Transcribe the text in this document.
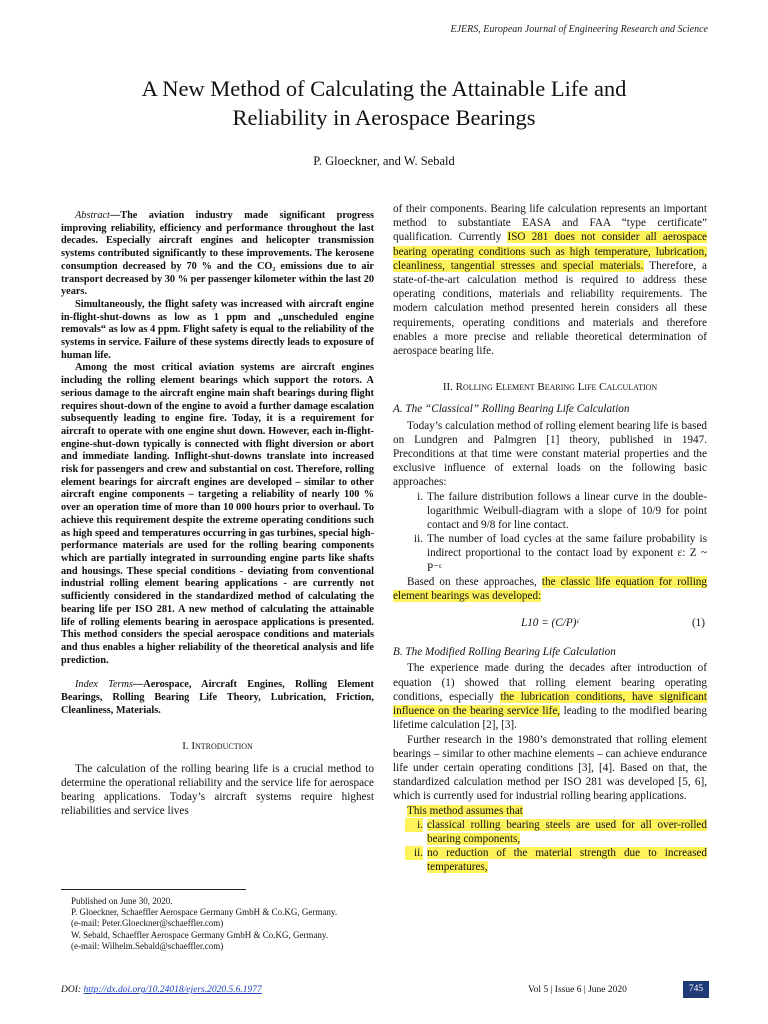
EJERS, European Journal of Engineering Research and Science
A New Method of Calculating the Attainable Life and
Reliability in Aerospace Bearings
P. Gloeckner, and W. Sebald

Abstract—The aviation industry made significant progress improving reliability, efficiency and performance throughout the last decades. Especially aircraft engines and helicopter transmission systems contributed significantly to these improvements. The kerosene consumption decreased by 70 % and the CO₂ emissions due to air transport decreased by 30 % per passenger kilometer within the last 20 years.

Simultaneously, the flight safety was increased with aircraft engine in-flight-shut-downs as low as 1 ppm and „unscheduled engine removals“ as low as 4 ppm. Flight safety is equal to the reliability of the systems in service. Failure of these systems directly leads to exposure of human life.

Among the most critical aviation systems are aircraft engines including the rolling element bearings which support the rotors. A serious damage to the aircraft engine main shaft bearings during flight requires shout-down of the engine to avoid a further damage escalation subsequently leading to engine fire. Today, it is a requirement for aircraft to operate with one engine shut down. However, each in-flight-engine-shut-down typically is connected with flight diversion or abort and immediate landing. Inflight-shut-downs translate into increased risk for passengers and crew and substantial on cost. Therefore, rolling element bearings for aircraft engines are developed – similar to other aircraft engine components – targeting a reliability of nearly 100 % over an operation time of more than 10 000 hours prior to overhaul. To achieve this requirement despite the extreme operating conditions such as high speed and temperatures occurring in gas turbines, special high-performance materials are used for the rolling bearing components which are partially integrated in surrounding engine parts like shafts and housings. These special conditions - deviating from conventional industrial rolling element bearing applications - are currently not sufficiently considered in the standardized method of calculating the bearing life per ISO 281. A new method of calculating the attainable life of rolling elements bearing in aerospace applications is presented. This method considers the special aerospace conditions and materials and thus enables a higher reliability of the theoretical analysis and life prediction.

Index Terms—Aerospace, Aircraft Engines, Rolling Element Bearings, Rolling Bearing Life Theory, Lubrication, Friction, Cleanliness, Materials.

I. Introduction

The calculation of the rolling bearing life is a crucial method to determine the operational reliability and the service life for aerospace bearing applications. Today’s aircraft systems require highest reliabilities and service lives

of their components. Bearing life calculation represents an important method to substantiate EASA and FAA “type certificate” qualification. Currently ISO 281 does not consider all aerospace bearing operating conditions such as high temperature, lubrication, cleanliness, tangential stresses and special materials. Therefore, a state-of-the-art calculation method is required to address these operating conditions, materials and reliability requirements. The modern calculation method presented herein considers all these requirements, operating conditions and materials and therefore enables a more precise and reliable theoretical determination of aerospace bearing life.

II. Rolling Element Bearing Life Calculation

A. The “Classical” Rolling Bearing Life Calculation

Today’s calculation method of rolling element bearing life is based on Lundgren and Palmgren [1] theory, published in 1947. Preconditions at that time were constant material properties and the exclusive influence of external loads on the following basic approaches:

i. The failure distribution follows a linear curve in the double-logarithmic Weibull-diagram with a slope of 10/9 for point contact and 9/8 for line contact.
ii. The number of load cycles at the same failure probability is indirect proportional to the contact load by exponent ε: Z ~ P⁻ᵋ

Based on these approaches, the classic life equation for rolling element bearings was developed:

L10 = (C/P)ᵋ	(1)

B. The Modified Rolling Bearing Life Calculation

The experience made during the decades after introduction of equation (1) showed that rolling element bearing operating conditions, especially the lubrication conditions, have significant influence on the bearing service life, leading to the modified bearing lifetime calculation [2], [3].

Further research in the 1980’s demonstrated that rolling element bearings – similar to other machine elements – can achieve endurance life under certain operating conditions [3], [4]. Based on that, the standardized calculation method per ISO 281 was developed [5, 6], which is currently used for industrial rolling bearing applications.

This method assumes that

i. classical rolling bearing steels are used for all over-rolled bearing components,
ii. no reduction of the material strength due to increased temperatures,
Published on June 30, 2020.
P. Gloeckner, Schaeffler Aerospace Germany GmbH & Co.KG, Germany.
(e-mail: Peter.Gloeckner@schaeffler.com)
W. Sebald, Schaeffler Aerospace Germany GmbH & Co.KG, Germany.
(e-mail: Wilhelm.Sebald@schaeffler.com)
DOI: http://dx.doi.org/10.24018/ejers.2020.5.6.1977	Vol 5 | Issue 6 | June 2020	745
